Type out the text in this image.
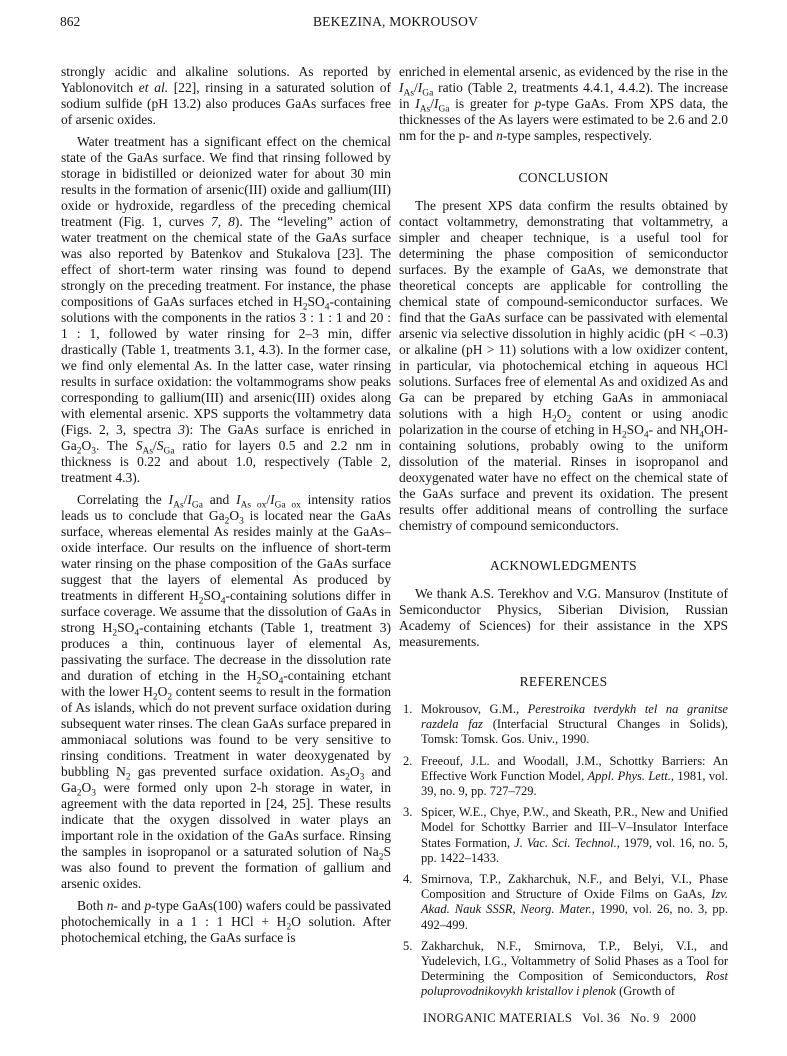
862	BEKEZINA, MOKROUSOV

strongly acidic and alkaline solutions. As reported by Yablonovitch et al. [22], rinsing in a saturated solution of sodium sulfide (pH 13.2) also produces GaAs surfaces free of arsenic oxides.

Water treatment has a significant effect on the chemical state of the GaAs surface. We find that rinsing followed by storage in bidistilled or deionized water for about 30 min results in the formation of arsenic(III) oxide and gallium(III) oxide or hydroxide, regardless of the preceding chemical treatment (Fig. 1, curves 7, 8). The “leveling” action of water treatment on the chemical state of the GaAs surface was also reported by Batenkov and Stukalova [23]. The effect of short-term water rinsing was found to depend strongly on the preceding treatment. For instance, the phase compositions of GaAs surfaces etched in $H_2SO_4$-containing solutions with the components in the ratios 3 : 1 : 1 and 20 : 1 : 1, followed by water rinsing for 2–3 min, differ drastically (Table 1, treatments 3.1, 4.3). In the former case, we find only elemental As. In the latter case, water rinsing results in surface oxidation: the voltammograms show peaks corresponding to gallium(III) and arsenic(III) oxides along with elemental arsenic. XPS supports the voltammetry data (Figs. 2, 3, spectra 3): The GaAs surface is enriched in $Ga_2O_3$. The $S_{As}/S_{Ga}$ ratio for layers 0.5 and 2.2 nm in thickness is 0.22 and about 1.0, respectively (Table 2, treatment 4.3).

Correlating the $I_{As}/I_{Ga}$ and $I_{As ox}/I_{Ga ox}$ intensity ratios leads us to conclude that $Ga_2O_3$ is located near the GaAs surface, whereas elemental As resides mainly at the GaAs–oxide interface. Our results on the influence of short-term water rinsing on the phase composition of the GaAs surface suggest that the layers of elemental As produced by treatments in different $H_2SO_4$-containing solutions differ in surface coverage. We assume that the dissolution of GaAs in strong $H_2SO_4$-containing etchants (Table 1, treatment 3) produces a thin, continuous layer of elemental As, passivating the surface. The decrease in the dissolution rate and duration of etching in the $H_2SO_4$-containing etchant with the lower $H_2O_2$ content seems to result in the formation of As islands, which do not prevent surface oxidation during subsequent water rinses. The clean GaAs surface prepared in ammoniacal solutions was found to be very sensitive to rinsing conditions. Treatment in water deoxygenated by bubbling $N_2$ gas prevented surface oxidation. $As_2O_3$ and $Ga_2O_3$ were formed only upon 2-h storage in water, in agreement with the data reported in [24, 25]. These results indicate that the oxygen dissolved in water plays an important role in the oxidation of the GaAs surface. Rinsing the samples in isopropanol or a saturated solution of $Na_2S$ was also found to prevent the formation of gallium and arsenic oxides.

Both n- and p-type GaAs(100) wafers could be passivated photochemically in a 1 : 1 HCl + $H_2O$ solution. After photochemical etching, the GaAs surface is

enriched in elemental arsenic, as evidenced by the rise in the $I_{As}/I_{Ga}$ ratio (Table 2, treatments 4.4.1, 4.4.2). The increase in $I_{As}/I_{Ga}$ is greater for p-type GaAs. From XPS data, the thicknesses of the As layers were estimated to be 2.6 and 2.0 nm for the p- and n-type samples, respectively.

CONCLUSION

The present XPS data confirm the results obtained by contact voltammetry, demonstrating that voltammetry, a simpler and cheaper technique, is a useful tool for determining the phase composition of semiconductor surfaces. By the example of GaAs, we demonstrate that theoretical concepts are applicable for controlling the chemical state of compound-semiconductor surfaces. We find that the GaAs surface can be passivated with elemental arsenic via selective dissolution in highly acidic (pH < –0.3) or alkaline (pH > 11) solutions with a low oxidizer content, in particular, via photochemical etching in aqueous HCl solutions. Surfaces free of elemental As and oxidized As and Ga can be prepared by etching GaAs in ammoniacal solutions with a high $H_2O_2$ content or using anodic polarization in the course of etching in $H_2SO_4-$ and $NH_4OH$-containing solutions, probably owing to the uniform dissolution of the material. Rinses in isopropanol and deoxygenated water have no effect on the chemical state of the GaAs surface and prevent its oxidation. The present results offer additional means of controlling the surface chemistry of compound semiconductors.

ACKNOWLEDGMENTS

We thank A.S. Terekhov and V.G. Mansurov (Institute of Semiconductor Physics, Siberian Division, Russian Academy of Sciences) for their assistance in the XPS measurements.

REFERENCES
1. Mokrousov, G.M., Perestroika tverdykh tel na granitse razdela faz (Interfacial Structural Changes in Solids), Tomsk: Tomsk. Gos. Univ., 1990.
2. Freeouf, J.L. and Woodall, J.M., Schottky Barriers: An Effective Work Function Model, Appl. Phys. Lett., 1981, vol. 39, no. 9, pp. 727–729.
3. Spicer, W.E., Chye, P.W., and Skeath, P.R., New and Unified Model for Schottky Barrier and III–V–Insulator Interface States Formation, J. Vac. Sci. Technol., 1979, vol. 16, no. 5, pp. 1422–1433.
4. Smirnova, T.P., Zakharchuk, N.F., and Belyi, V.I., Phase Composition and Structure of Oxide Films on GaAs, Izv. Akad. Nauk SSSR, Neorg. Mater., 1990, vol. 26, no. 3, pp. 492–499.
5. Zakharchuk, N.F., Smirnova, T.P., Belyi, V.I., and Yudelevich, I.G., Voltammetry of Solid Phases as a Tool for Determining the Composition of Semiconductors, Rost poluprovodnikovykh kristallov i plenok (Growth of
INORGANIC MATERIALS Vol. 36 No. 9 2000
